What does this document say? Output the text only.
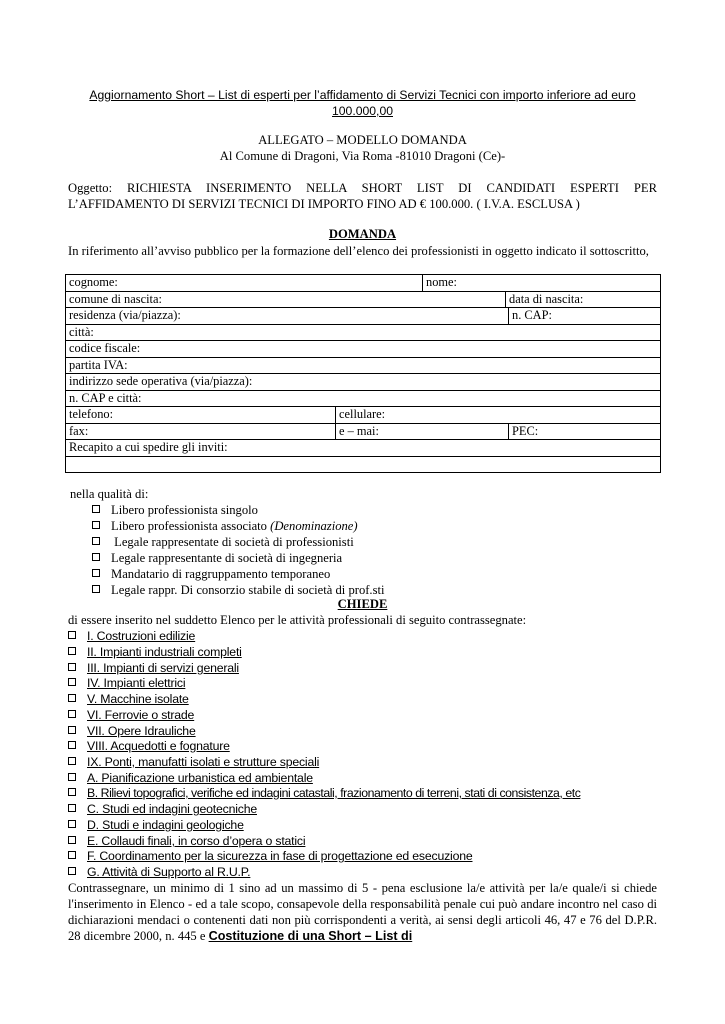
Aggiornamento Short – List di esperti per l’affidamento di Servizi Tecnici con importo inferiore ad euro
100.000,00
ALLEGATO – MODELLO DOMANDA
Al Comune di Dragoni, Via Roma -81010 Dragoni (Ce)-
Oggetto: RICHIESTA INSERIMENTO NELLA SHORT LIST DI CANDIDATI ESPERTI PER
L’AFFIDAMENTO DI SERVIZI TECNICI DI IMPORTO FINO AD € 100.000. ( I.V.A. ESCLUSA )
DOMANDA
In riferimento all’avviso pubblico per la formazione dell’elenco dei professionisti in oggetto indicato il sottoscritto,
cognome:		nome:		
comune di nascita:			data di nascita:	
residenza (via/piazza):				n. CAP:
città:				
codice fiscale:				
partita IVA:				
indirizzo sede operativa (via/piazza):				
n. CAP e città:				
telefono:	cellulare:			
fax:	e – mai:			PEC:
Recapito a cui spedire gli inviti:				

nella qualità di:
Libero professionista singolo
Libero professionista associato (Denominazione)
Legale rappresentate di società di professionisti
Legale rappresentante di società di ingegneria
Mandatario di raggruppamento temporaneo
Legale rappr. Di consorzio stabile di società di prof.sti
CHIEDE
di essere inserito nel suddetto Elenco per le attività professionali di seguito contrassegnate:
I. Costruzioni edilizie
II. Impianti industriali completi
III. Impianti di servizi generali
IV. Impianti elettrici
V. Macchine isolate
VI. Ferrovie o strade
VII. Opere Idrauliche
VIII. Acquedotti e fognature
IX. Ponti, manufatti isolati e strutture speciali
A. Pianificazione urbanistica ed ambientale
B. Rilievi topografici, verifiche ed indagini catastali, frazionamento di terreni, stati di consistenza, etc
C. Studi ed indagini geotecniche
D. Studi e indagini geologiche
E. Collaudi finali, in corso d’opera o statici
F. Coordinamento per la sicurezza in fase di progettazione ed esecuzione
G. Attività di Supporto al R.U.P.
Contrassegnare, un minimo di 1 sino ad un massimo di 5 - pena esclusione la/e attività per la/e quale/i si chiede l'inserimento in Elenco - ed a tale scopo, consapevole della responsabilità penale cui può andare incontro nel caso di dichiarazioni mendaci o contenenti dati non più corrispondenti a verità, ai sensi degli articoli 46, 47 e 76 del D.P.R. 28 dicembre 2000, n. 445 e Costituzione di una Short – List di
